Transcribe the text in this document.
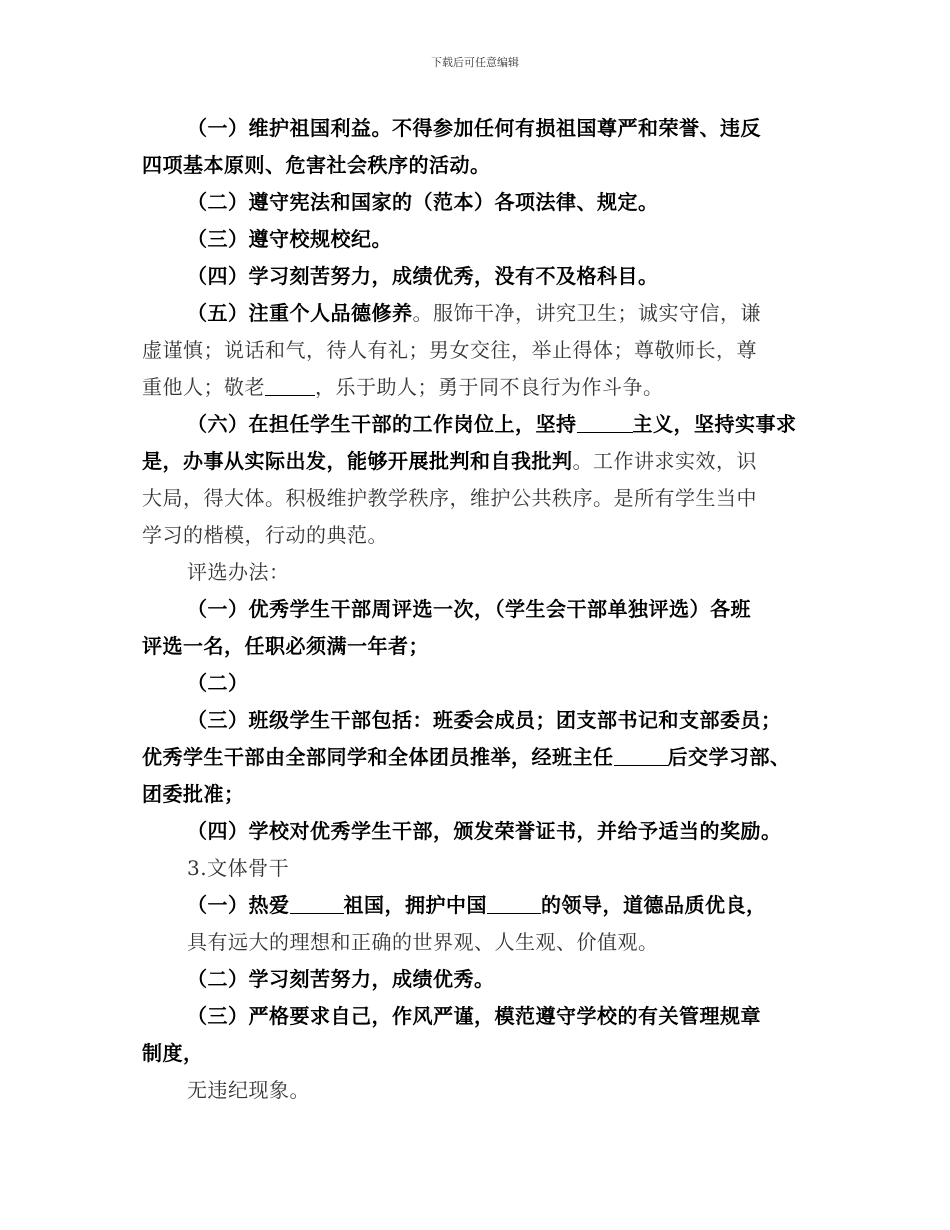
下载后可任意编辑
（一）维护祖国利益。不得参加任何有损祖国尊严和荣誉、违反
四项基本原则、危害社会秩序的活动。
（二）遵守宪法和国家的（范本）各项法律、规定。
（三）遵守校规校纪。
（四）学习刻苦努力，成绩优秀，没有不及格科目。
（五）注重个人品德修养。服饰干净，讲究卫生；诚实守信，谦
虚谨慎；说话和气，待人有礼；男女交往，举止得体；尊敬师长，尊
重他人；敬老	，乐于助人；勇于同不良行为作斗争。
（六）在担任学生干部的工作岗位上，坚持	主义，坚持实事求
是，办事从实际出发，能够开展批判和自我批判。工作讲求实效，识
大局，得大体。积极维护教学秩序，维护公共秩序。是所有学生当中
学习的楷模，行动的典范。
评选办法：
（一）优秀学生干部周评选一次，（学生会干部单独评选）各班
评选一名，任职必须满一年者；
（二）
（三）班级学生干部包括：班委会成员；团支部书记和支部委员；
优秀学生干部由全部同学和全体团员推举，经班主任	后交学习部、
团委批准；
（四）学校对优秀学生干部，颁发荣誉证书，并给予适当的奖励。
3.文体骨干
（一）热爱	祖国，拥护中国	的领导，道德品质优良，
具有远大的理想和正确的世界观、人生观、价值观。
（二）学习刻苦努力，成绩优秀。
（三）严格要求自己，作风严谨，模范遵守学校的有关管理规章
制度，
无违纪现象。
